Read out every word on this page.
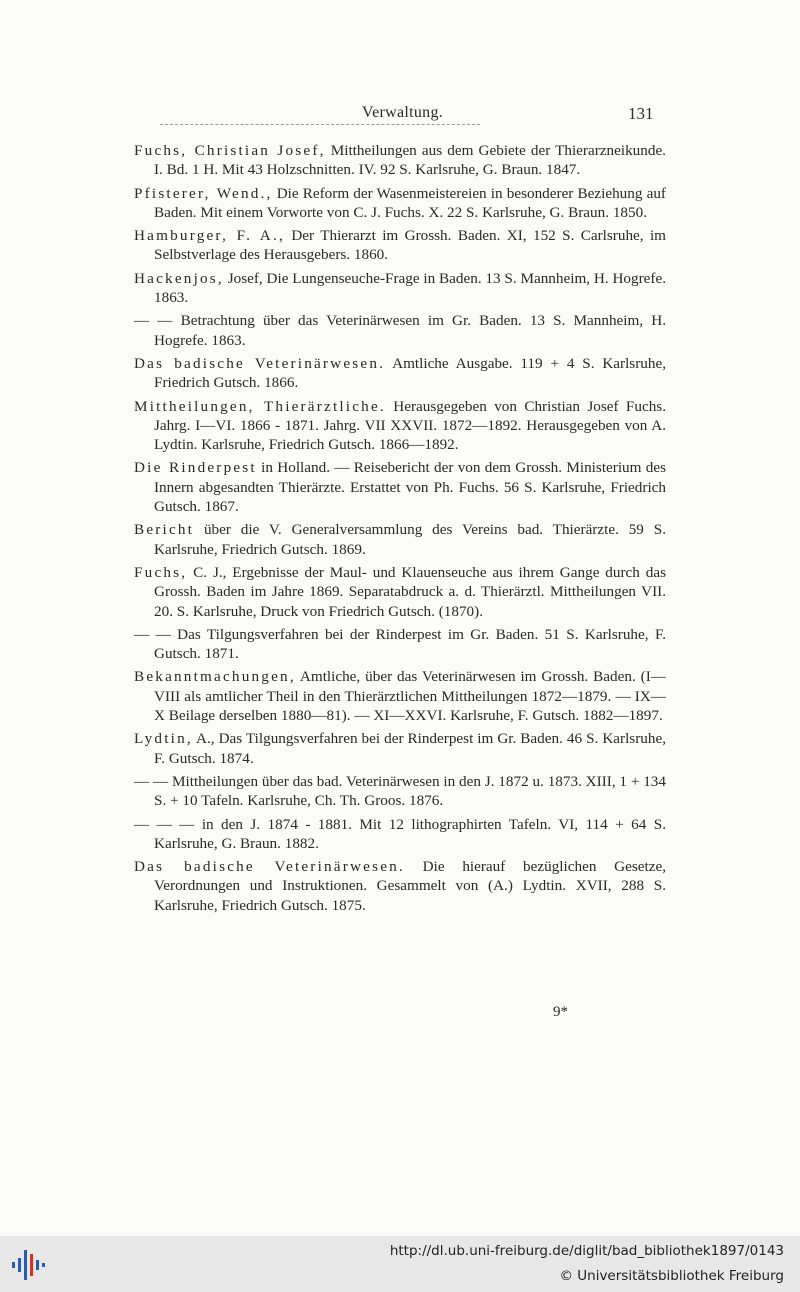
Verwaltung.	131

Fuchs, Christian Josef, Mittheilungen aus dem Gebiete der Thierarzneikunde. I. Bd. 1 H. Mit 43 Holzschnitten. IV. 92 S. Karlsruhe, G. Braun. 1847.

Pfisterer, Wend., Die Reform der Wasenmeistereien in besonderer Beziehung auf Baden. Mit einem Vorworte von C. J. Fuchs. X. 22 S. Karlsruhe, G. Braun. 1850.

Hamburger, F. A., Der Thierarzt im Grossh. Baden. XI, 152 S. Carlsruhe, im Selbstverlage des Herausgebers. 1860.

Hackenjos, Josef, Die Lungenseuche-Frage in Baden. 13 S. Mannheim, H. Hogrefe. 1863.

— — Betrachtung über das Veterinärwesen im Gr. Baden. 13 S. Mannheim, H. Hogrefe. 1863.

Das badische Veterinärwesen. Amtliche Ausgabe. 119 + 4 S. Karlsruhe, Friedrich Gutsch. 1866.

Mittheilungen, Thierärztliche. Herausgegeben von Christian Josef Fuchs. Jahrg. I—VI. 1866 - 1871. Jahrg. VII XXVII. 1872—1892. Herausgegeben von A. Lydtin. Karlsruhe, Friedrich Gutsch. 1866—1892.

Die Rinderpest in Holland. — Reisebericht der von dem Grossh. Ministerium des Innern abgesandten Thierärzte. Erstattet von Ph. Fuchs. 56 S. Karlsruhe, Friedrich Gutsch. 1867.

Bericht über die V. Generalversammlung des Vereins bad. Thierärzte. 59 S. Karlsruhe, Friedrich Gutsch. 1869.

Fuchs, C. J., Ergebnisse der Maul- und Klauenseuche aus ihrem Gange durch das Grossh. Baden im Jahre 1869. Separatabdruck a. d. Thierärztl. Mittheilungen VII. 20. S. Karlsruhe, Druck von Friedrich Gutsch. (1870).

— — Das Tilgungsverfahren bei der Rinderpest im Gr. Baden. 51 S. Karlsruhe, F. Gutsch. 1871.

Bekanntmachungen, Amtliche, über das Veterinärwesen im Grossh. Baden. (I—VIII als amtlicher Theil in den Thierärztlichen Mittheilungen 1872—1879. — IX—X Beilage derselben 1880—81). — XI—XXVI. Karlsruhe, F. Gutsch. 1882—1897.

Lydtin, A., Das Tilgungsverfahren bei der Rinderpest im Gr. Baden. 46 S. Karlsruhe, F. Gutsch. 1874.

— — Mittheilungen über das bad. Veterinärwesen in den J. 1872 u. 1873. XIII, 1 + 134 S. + 10 Tafeln. Karlsruhe, Ch. Th. Groos. 1876.

— — — in den J. 1874 - 1881. Mit 12 lithographirten Tafeln. VI, 114 + 64 S. Karlsruhe, G. Braun. 1882.

Das badische Veterinärwesen. Die hierauf bezüglichen Gesetze, Verordnungen und Instruktionen. Gesammelt von (A.) Lydtin. XVII, 288 S. Karlsruhe, Friedrich Gutsch. 1875.

9*
http://dl.ub.uni-freiburg.de/diglit/bad_bibliothek1897/0143
© Universitätsbibliothek Freiburg
